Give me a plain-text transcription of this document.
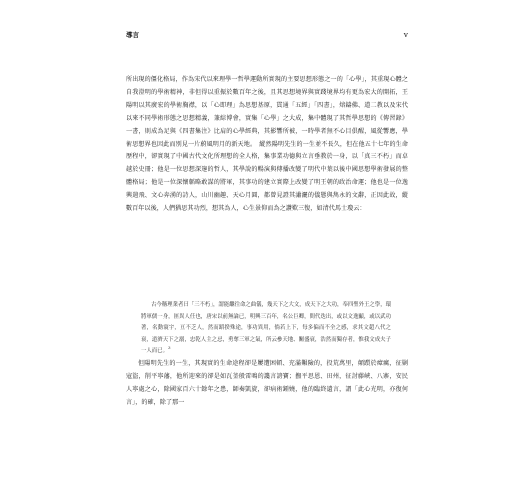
導言	v

所出現的僵化格局，作為宋代以來理學一哲學運動所實現的主要思想形態之一的「心學」，其重現心體之自我澄明的學術精神，非但得以重振於數百年之後，且其思想境界與實踐境界均有更為宏大的開拓，王陽明以其廣宏的學術胸襟，以「心即理」為思想基原，貫通「五經」「四書」，熔鑄佛、道二教以及宋代以來不同學術形態之思想精義，兼綜博會，實集「心學」之大成，集中體現了其哲學思想的《傳習錄》一書，則成為足與《四書集注》比肩的心學經典，其影響所被，一時學者無不心目俱醒，風從響應，學術思想界也因此而別見一片蔚風明月的新天地。　縱然陽明先生的一生並不長久，但在他五十七年的生命歷程中，卻實現了中國古代文化所理想的全人格，集事業功德與立言垂教於一身，以「真三不朽」而卓越於史冊；他是一位思想深邃的哲人，其學說的暢演與傳播改變了明代中葉以後中國思想學術發展的整體格局；他是一位深懷韜略敢謀的將軍，其事功的建立實際上改變了明王朝的政治命運；他也是一位逸興遄飛、文心奔湧的詩人，山川幽趣、天心月圓，都曾見證其瀟灑的儀態與雋永的文辭，正因此故，縱數百年以後，人們猶思其功烈，想其為人，心生景仰而為之讚歎三復，如清代馬士瓊云：

古今稱理業者曰「三不朽」，謂能繼往命之曲儀，幾天下之大文，成天下之大功，奉四聖外王之學，環將軍儒一身，匪異人任也，唐宋以前無論已，明興三百年，名公巨卿，間代迭出，或以文逸顯，或以武功著，名動寰宇，亘不乏人，然而蹈揆殊途，事功異用，倘若上下，每多偏而不全之感，求其文超八代之衰，道濟天下之溺，忠乾人主之忌，勇奪三軍之氣，所云參天地、關盛衰，浩然而獨存者，惟我文成夫子一人而已。$^3$

但陽明先生的一生，其現實的生命途程卻是屢遭困頓、充滿艱險的，投荒萬里，顛躓於瘴癘，征剿寇盜，削平寧藩，他所迎來的卻是如瓦釜般雷鳴的讒言謗寶；撫平思恩、田州，征討藤峽、八寨，安民人寧處之心，除國家百六十餘年之患，師奏凱旋，卻病術鍾嬈，他的臨終遺言，謂「此心光明，亦復何言」，的確，除了那一
